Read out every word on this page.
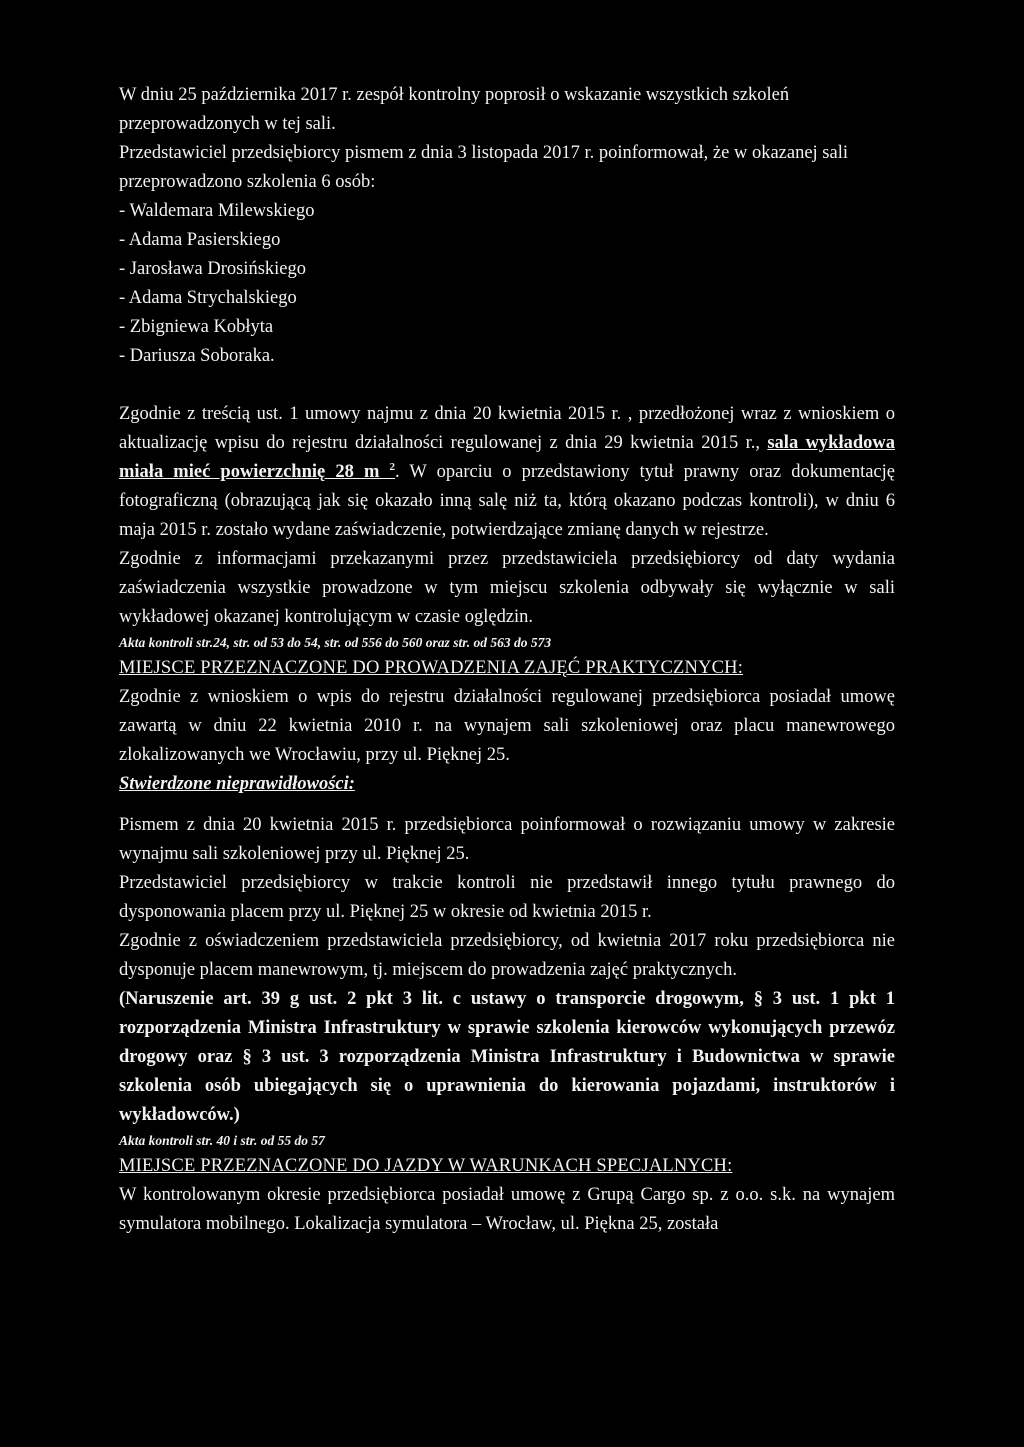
W dniu 25 października 2017 r. zespół kontrolny poprosił o wskazanie wszystkich szkoleń przeprowadzonych w tej sali.

Przedstawiciel przedsiębiorcy pismem z dnia 3 listopada 2017 r. poinformował, że w okazanej sali przeprowadzono szkolenia 6 osób:

- Waldemara Milewskiego
- Adama Pasierskiego
- Jarosława Drosińskiego
- Adama Strychalskiego
- Zbigniewa Kobłyta
- Dariusza Soboraka.

Zgodnie z treścią ust. 1 umowy najmu z dnia 20 kwietnia 2015 r. , przedłożonej wraz z wnioskiem o aktualizację wpisu do rejestru działalności regulowanej z dnia 29 kwietnia 2015 r., sala wykładowa miała mieć powierzchnię 28 m $^2$. W oparciu o przedstawiony tytuł prawny oraz dokumentację fotograficzną (obrazującą jak się okazało inną salę niż ta, którą okazano podczas kontroli), w dniu 6 maja 2015 r. zostało wydane zaświadczenie, potwierdzające zmianę danych w rejestrze.

Zgodnie z informacjami przekazanymi przez przedstawiciela przedsiębiorcy od daty wydania zaświadczenia wszystkie prowadzone w tym miejscu szkolenia odbywały się wyłącznie w sali wykładowej okazanej kontrolującym w czasie oględzin.

Akta kontroli str.24, str. od 53 do 54, str. od 556 do 560 oraz str. od 563 do 573

MIEJSCE PRZEZNACZONE DO PROWADZENIA ZAJĘĆ PRAKTYCZNYCH:

Zgodnie z wnioskiem o wpis do rejestru działalności regulowanej przedsiębiorca posiadał umowę zawartą w dniu 22 kwietnia 2010 r. na wynajem sali szkoleniowej oraz placu manewrowego zlokalizowanych we Wrocławiu, przy ul. Pięknej 25.

Stwierdzone nieprawidłowości:

Pismem z dnia 20 kwietnia 2015 r. przedsiębiorca poinformował o rozwiązaniu umowy w zakresie wynajmu sali szkoleniowej przy ul. Pięknej 25.

Przedstawiciel przedsiębiorcy w trakcie kontroli nie przedstawił innego tytułu prawnego do dysponowania placem przy ul. Pięknej 25 w okresie od kwietnia 2015 r.

Zgodnie z oświadczeniem przedstawiciela przedsiębiorcy, od kwietnia 2017 roku przedsiębiorca nie dysponuje placem manewrowym, tj. miejscem do prowadzenia zajęć praktycznych.

(Naruszenie art. 39 g ust. 2 pkt 3 lit. c ustawy o transporcie drogowym, § 3 ust. 1 pkt 1 rozporządzenia Ministra Infrastruktury w sprawie szkolenia kierowców wykonujących przewóz drogowy oraz § 3 ust. 3 rozporządzenia Ministra Infrastruktury i Budownictwa w sprawie szkolenia osób ubiegających się o uprawnienia do kierowania pojazdami, instruktorów i wykładowców.)

Akta kontroli str. 40 i str. od 55 do 57

MIEJSCE PRZEZNACZONE DO JAZDY W WARUNKACH SPECJALNYCH:

W kontrolowanym okresie przedsiębiorca posiadał umowę z Grupą Cargo sp. z o.o. s.k. na wynajem symulatora mobilnego. Lokalizacja symulatora – Wrocław, ul. Piękna 25, została
